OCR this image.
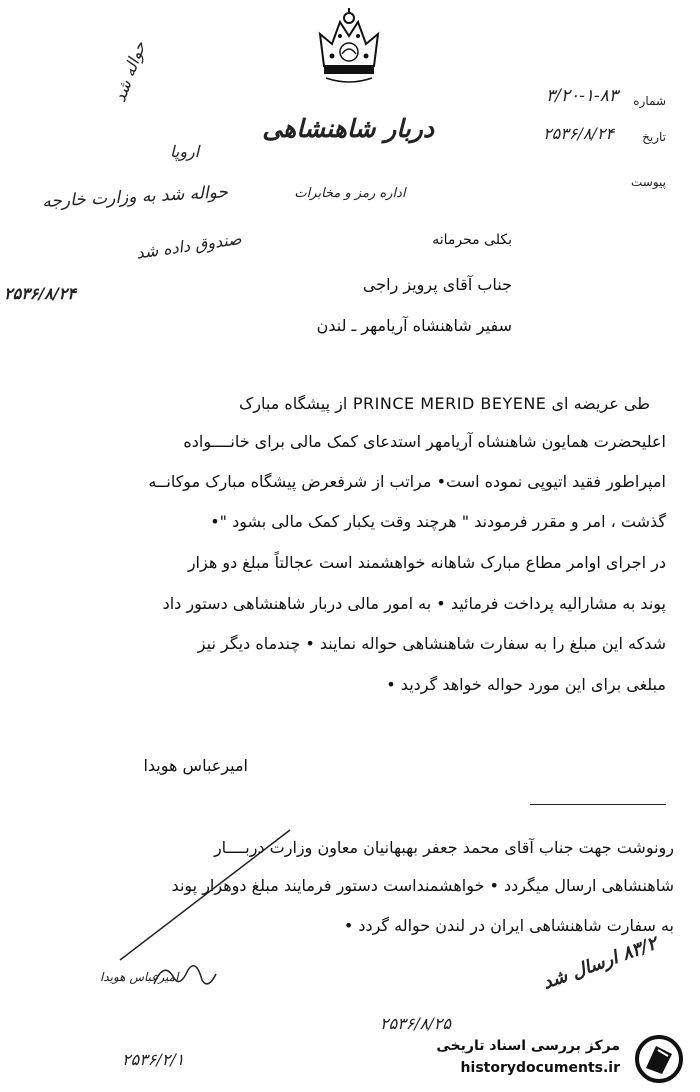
دربار شاهنشاهی
اداره رمز و مخابرات
شماره
۳/۲۰-۱-۸۳
تاریخ
۲۵۳۶/۸/۲۴
پیوست
اروپا
حواله شد
حواله شد به وزارت خارجه
صندوق داده شد
۲۵۳۶/۸/۲۴
بکلی محرمانه
جناب آقای پرویز راجی
سفیر شاهنشاه آریامهر ـ لندن
طی عریضه ای PRINCE MERID BEYENE از پیشگاه مبارک
اعلیحضرت همایون شاهنشاه آریامهر استدعای کمک مالی برای خانــــواده
امپراطور فقید اتیوپی نموده است• مراتب از شرفعرض پیشگاه مبارک موکانــه
گذشت ، امر و مقرر فرمودند " هرچند وقت یکبار کمک مالی بشود "•
در اجرای اوامر مطاع مبارک شاهانه خواهشمند است عجالتاً مبلغ دو هزار
پوند به مشارالیه پرداخت فرمائید • به امور مالی دربار شاهنشاهی دستور داد
شدکه این مبلغ را به سفارت شاهنشاهی حواله نمایند • چندماه دیگر نیز
مبلغی برای این مورد حواله خواهد گردید •
امیرعباس هویدا
رونوشت جهت جناب آقای محمد جعفر بهبهانیان معاون وزارت دربــــار
شاهنشاهی ارسال میگردد • خواهشمنداست دستور فرمایند مبلغ دوهزار پوند
به سفارت شاهنشاهی ایران در لندن حواله گردد •
امیرعباس هویدا	۸۳/۲ ارسال شد
۲۵۳۶/۸/۲۵
۲۵۳۶/۲/۱
مرکز بررسی اسناد تاریخی
historydocuments.ir
